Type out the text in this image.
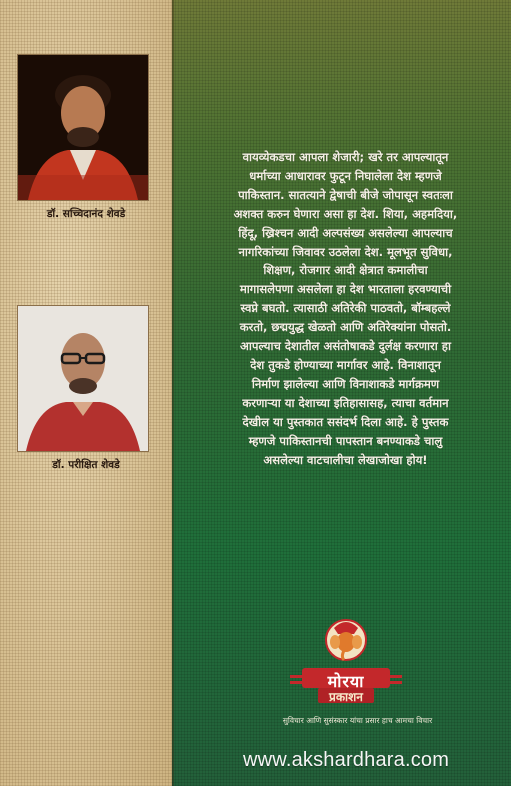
डॉ. सच्चिदानंद शेवडे
डॉ. परीक्षित शेवडे
वायव्येकडचा आपला शेजारी; खरे तर आपल्यातून
धर्माच्या आधारावर फुटून निघालेला देश म्हणजे
पाकिस्तान. सातत्याने द्वेषाची बीजे जोपासून स्वतःला
अशक्त करुन घेणारा असा हा देश. शिया, अहमदिया,
हिंदू, ख्रिश्चन आदी अल्पसंख्य असलेल्या आपल्याच
नागरिकांच्या जिवावर उठलेला देश. मूलभूत सुविधा,
शिक्षण, रोजगार आदी क्षेत्रात कमालीचा
मागासलेपणा असलेला हा देश भारताला हरवण्याची
स्वप्ने बघतो. त्यासाठी अतिरेकी पाठवतो, बॉम्बहल्ले
करतो, छद्मयुद्ध खेळतो आणि अतिरेक्यांना पोसतो.
आपल्याच देशातील असंतोषाकडे दुर्लक्ष करणारा हा
देश तुकडे होण्याच्या मार्गावर आहे. विनाशातून
निर्माण झालेल्या आणि विनाशाकडे मार्गक्रमण
करणाऱ्या या देशाच्या इतिहासासह, त्याचा वर्तमान
देखील या पुस्तकात ससंदर्भ दिला आहे. हे पुस्तक
म्हणजे पाकिस्तानची पापस्तान बनण्याकडे चालु
असलेल्या वाटचालीचा लेखाजोखा होय!
मोरया
प्रकाशन
सुविचार आणि सुसंस्कार यांचा प्रसार हाच आमचा विचार
www.akshardhara.com
